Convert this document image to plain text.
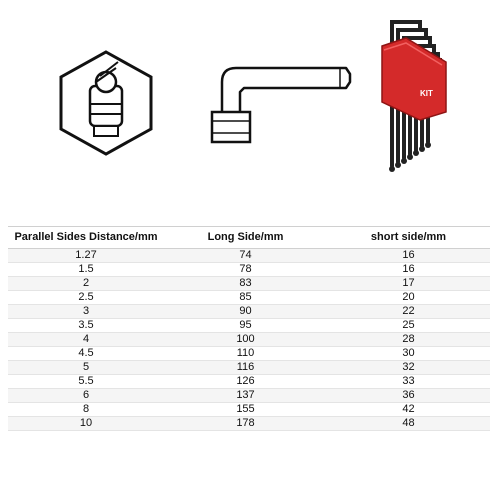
KIT
Parallel Sides Distance/mm	Long Side/mm	short side/mm
1.27	74	16
1.5	78	16
2	83	17
2.5	85	20
3	90	22
3.5	95	25
4	100	28
4.5	110	30
5	116	32
5.5	126	33
6	137	36
8	155	42
10	178	48
